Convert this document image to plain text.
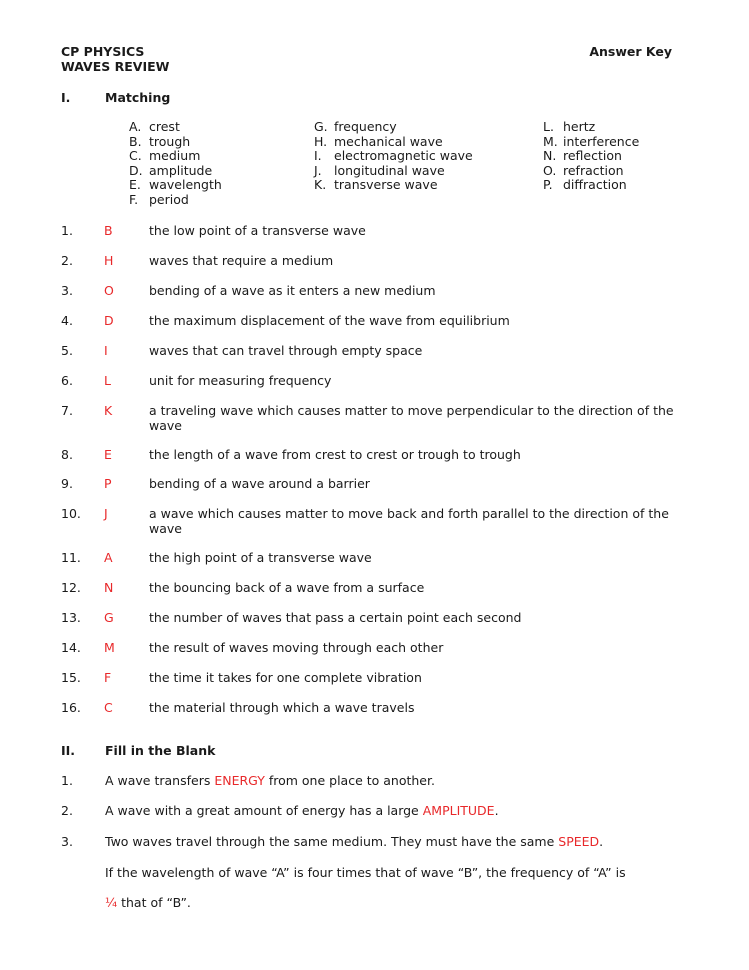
CP PHYSICS
WAVES REVIEW
Answer Key
I.	Matching
A. crest
B. trough
C. medium
D. amplitude
E. wavelength
F. period
G. frequency
H. mechanical wave
I. electromagnetic wave
J. longitudinal wave
K. transverse wave
L. hertz
M. interference
N. reflection
O. refraction
P. diffraction
1. B	the low point of a transverse wave
2. H	waves that require a medium
3. O	bending of a wave as it enters a new medium
4. D	the maximum displacement of the wave from equilibrium
5. I	waves that can travel through empty space
6. L	unit for measuring frequency
7. K	a traveling wave which causes matter to move perpendicular to the direction of the wave
8. E	the length of a wave from crest to crest or trough to trough
9. P	bending of a wave around a barrier
10. J	a wave which causes matter to move back and forth parallel to the direction of the wave
11. A	the high point of a transverse wave
12. N	the bouncing back of a wave from a surface
13. G	the number of waves that pass a certain point each second
14. M	the result of waves moving through each other
15. F	the time it takes for one complete vibration
16. C	the material through which a wave travels
II. Fill in the Blank
1.	A wave transfers ENERGY from one place to another.
2.	A wave with a great amount of energy has a large AMPLITUDE.
3.	Two waves travel through the same medium. They must have the same SPEED.
If the wavelength of wave “A” is four times that of wave “B”, the frequency of “A” is
¼ that of “B”.
